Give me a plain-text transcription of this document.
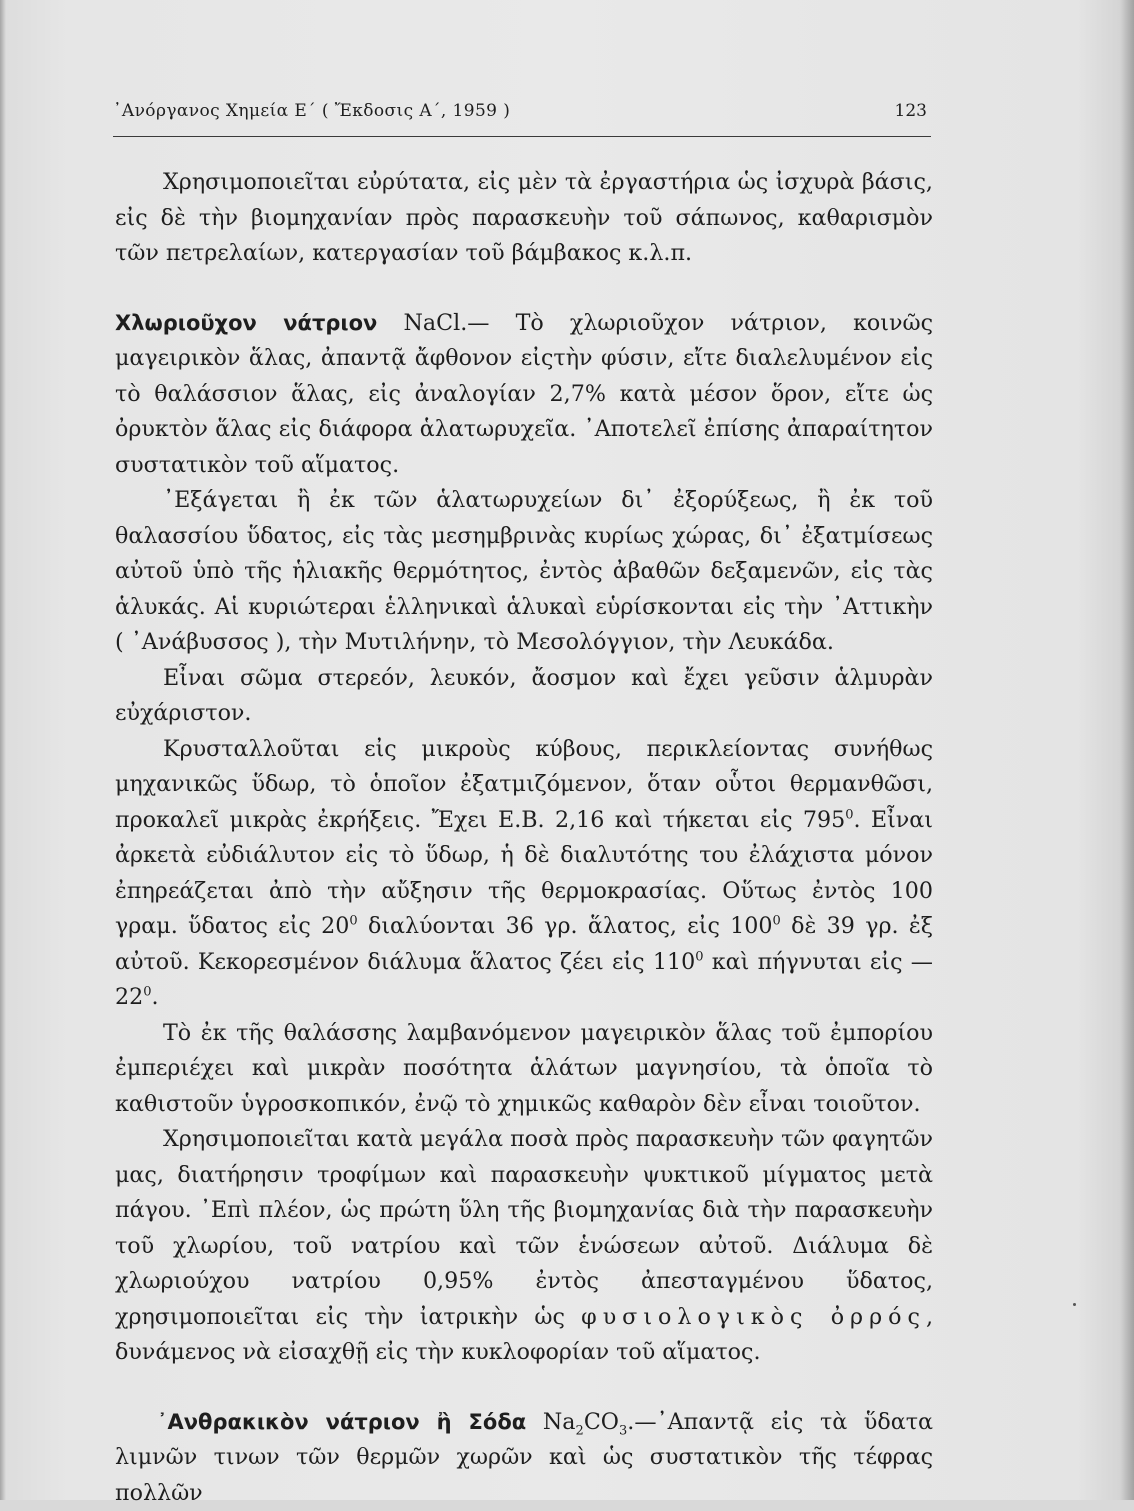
᾿Ανόργανος Χημεία Ε΄ ( Ἔκδοσις Α΄, 1959 )	123

Χρησιμοποιεῖται εὐρύτατα, εἰς μὲν τὰ ἐργαστήρια ὡς ἰσχυρὰ βάσις, εἰς δὲ τὴν βιομηχανίαν πρὸς παρασκευὴν τοῦ σάπωνος, καθαρισμὸν τῶν πετρελαίων, κατεργασίαν τοῦ βάμβακος κ.λ.π.

Χλωριοῦχον νάτριον NaCl.— Τὸ χλωριοῦχον νάτριον, κοινῶς μαγειρικὸν ἅλας, ἀπαντᾷ ἄφθονον εἰςτὴν φύσιν, εἴτε διαλελυμένον εἰς τὸ θαλάσσιον ἅλας, εἰς ἀναλογίαν 2,7% κατὰ μέσον ὅρον, εἴτε ὡς ὀρυκτὸν ἅλας εἰς διάφορα ἁλατωρυχεῖα. ᾿Αποτελεῖ ἐπίσης ἀπαραίτητον συστατικὸν τοῦ αἵματος.

᾿Εξάγεται ἢ ἐκ τῶν ἁλατωρυχείων δι᾿ ἐξορύξεως, ἢ ἐκ τοῦ θαλασσίου ὕδατος, εἰς τὰς μεσημβρινὰς κυρίως χώρας, δι᾿ ἐξατμίσεως αὐτοῦ ὑπὸ τῆς ἡλιακῆς θερμότητος, ἐντὸς ἀβαθῶν δεξαμενῶν, εἰς τὰς ἁλυκάς. Αἱ κυριώτεραι ἑλληνικαὶ ἁλυκαὶ εὑρίσκονται εἰς τὴν ᾿Αττικὴν ( ᾿Ανάβυσσος ), τὴν Μυτιλήνην, τὸ Μεσολόγγιον, τὴν Λευκάδα.

Εἶναι σῶμα στερεόν, λευκόν, ἄοσμον καὶ ἔχει γεῦσιν ἁλμυρὰν εὐχάριστον.

Κρυσταλλοῦται εἰς μικροὺς κύβους, περικλείοντας συνήθως μηχανικῶς ὕδωρ, τὸ ὁποῖον ἐξατμιζόμενον, ὅταν οὗτοι θερμανθῶσι, προκαλεῖ μικρὰς ἐκρήξεις. Ἔχει Ε.Β. 2,16 καὶ τήκεται εἰς $795^0$. Εἶναι ἀρκετὰ εὐδιάλυτον εἰς τὸ ὕδωρ, ἡ δὲ διαλυτότης του ἐλάχιστα μόνον ἐπηρεάζεται ἀπὸ τὴν αὔξησιν τῆς θερμοκρασίας. Οὕτως ἐντὸς 100 γραμ. ὕδατος εἰς $20^0$ διαλύονται 36 γρ. ἅλατος, εἰς $100^0$ δὲ 39 γρ. ἐξ αὐτοῦ. Κεκορεσμένον διάλυμα ἅλατος ζέει εἰς $110^0$ καὶ πήγνυται εἰς $—22^0$.

Τὸ ἐκ τῆς θαλάσσης λαμβανόμενον μαγειρικὸν ἅλας τοῦ ἐμπορίου ἐμπεριέχει καὶ μικρὰν ποσότητα ἁλάτων μαγνησίου, τὰ ὁποῖα τὸ καθιστοῦν ὑγροσκοπικόν, ἐνῷ τὸ χημικῶς καθαρὸν δὲν εἶναι τοιοῦτον.

Χρησιμοποιεῖται κατὰ μεγάλα ποσὰ πρὸς παρασκευὴν τῶν φαγητῶν μας, διατήρησιν τροφίμων καὶ παρασκευὴν ψυκτικοῦ μίγματος μετὰ πάγου. ᾿Επὶ πλέον, ὡς πρώτη ὕλη τῆς βιομηχανίας διὰ τὴν παρασκευὴν τοῦ χλωρίου, τοῦ νατρίου καὶ τῶν ἑνώσεων αὐτοῦ. Διάλυμα δὲ χλωριούχου νατρίου 0,95% ἐντὸς ἀπεσταγμένου ὕδατος, χρησιμοποιεῖται εἰς τὴν ἰατρικὴν ὡς φυσιολογικὸς ὀρρός, δυνάμενος νὰ εἰσαχθῇ εἰς τὴν κυκλοφορίαν τοῦ αἵματος.

᾿Ανθρακικὸν νάτριον ἢ Σόδα $Na_2CO_3.—᾿A\pi\alpha\nu\tau ᾷ$ εἰς τὰ ὕδατα λιμνῶν τινων τῶν θερμῶν χωρῶν καὶ ὡς συστατικὸν τῆς τέφρας πολλῶν
